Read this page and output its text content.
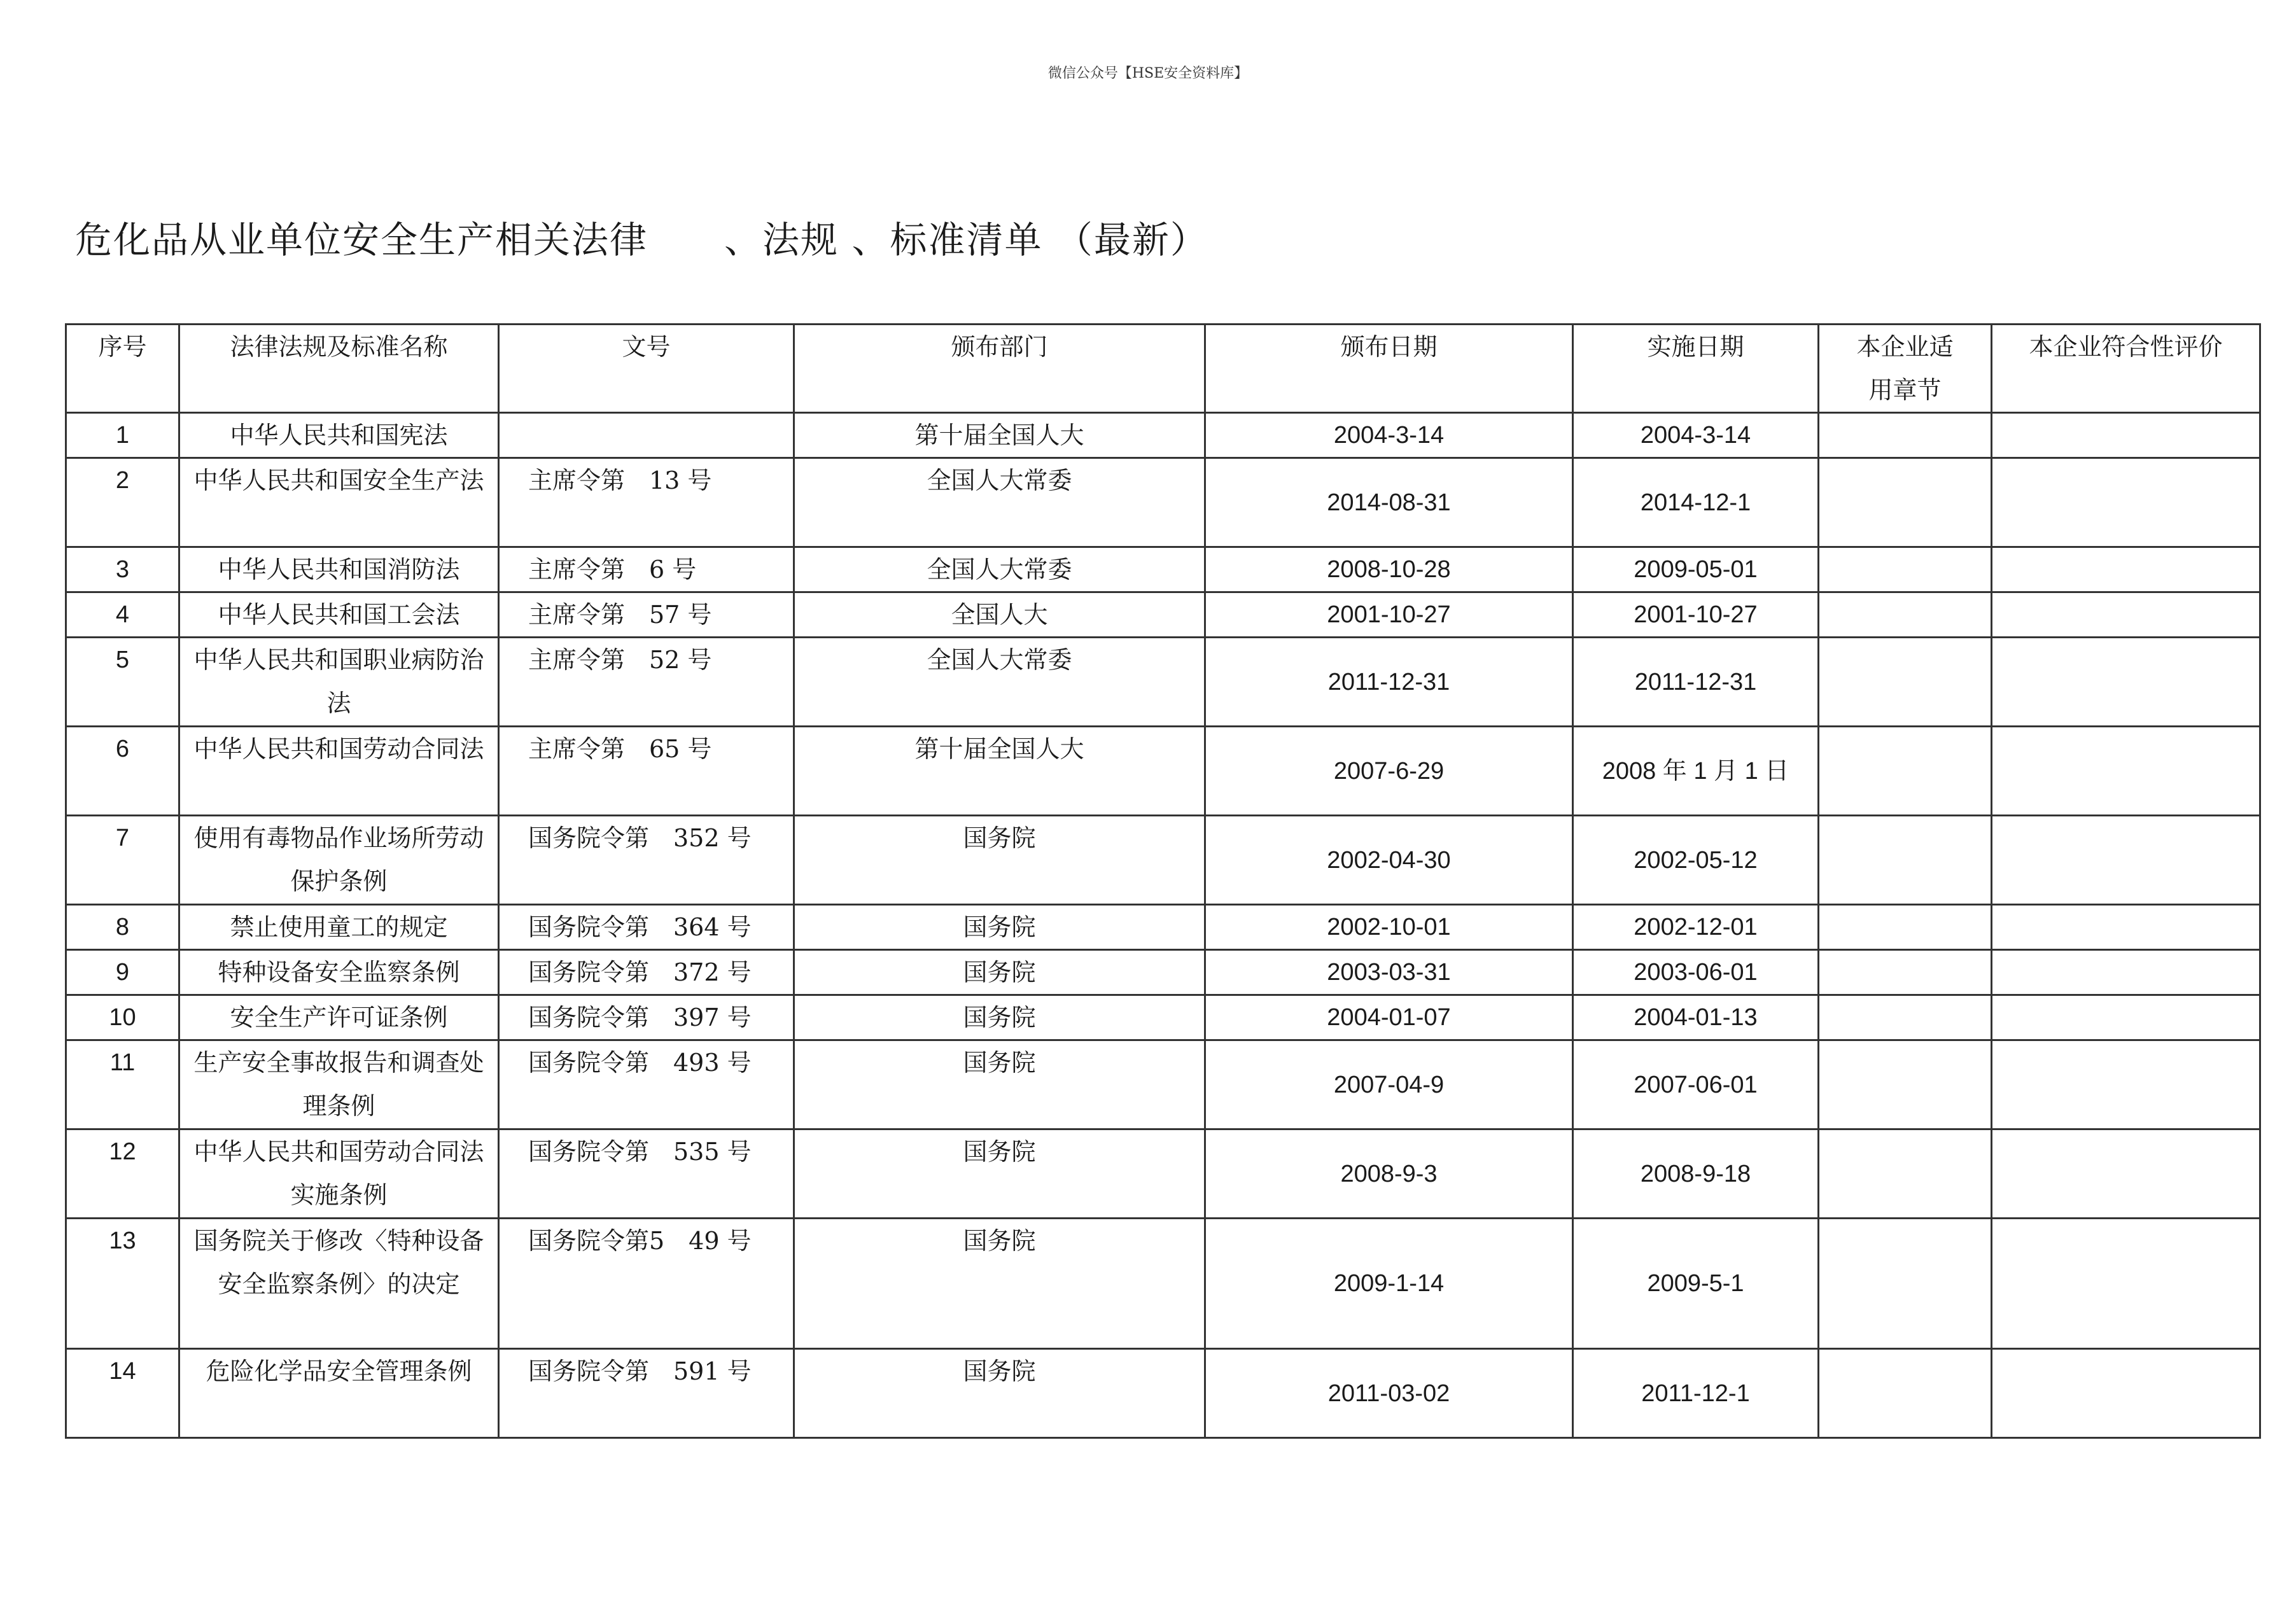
微信公众号【HSE安全资料库】
危化品从业单位安全生产相关法律　　、法规 、标准清单 （最新）
序号	法律法规及标准名称	文号	颁布部门	颁布日期	实施日期	本企业适用章节	本企业符合性评价
1	中华人民共和国宪法		第十届全国人大	2004-3-14	2004-3-14		
2	中华人民共和国安全生产法	主席令第　13 号	全国人大常委	2014-08-31	2014-12-1		
3	中华人民共和国消防法	主席令第　6 号	全国人大常委	2008-10-28	2009-05-01		
4	中华人民共和国工会法	主席令第　57 号	全国人大	2001-10-27	2001-10-27		
5	中华人民共和国职业病防治法	主席令第　52 号	全国人大常委	2011-12-31	2011-12-31		
6	中华人民共和国劳动合同法	主席令第　65 号	第十届全国人大	2007-6-29	2008 年 1 月 1 日		
7	使用有毒物品作业场所劳动保护条例	国务院令第　352 号	国务院	2002-04-30	2002-05-12		
8	禁止使用童工的规定	国务院令第　364 号	国务院	2002-10-01	2002-12-01		
9	特种设备安全监察条例	国务院令第　372 号	国务院	2003-03-31	2003-06-01		
10	安全生产许可证条例	国务院令第　397 号	国务院	2004-01-07	2004-01-13		
11	生产安全事故报告和调查处理条例	国务院令第　493 号	国务院	2007-04-9	2007-06-01		
12	中华人民共和国劳动合同法实施条例	国务院令第　535 号	国务院	2008-9-3	2008-9-18		
13	国务院关于修改〈特种设备安全监察条例〉的决定	国务院令第5　49 号	国务院	2009-1-14	2009-5-1		
14	危险化学品安全管理条例	国务院令第　591 号	国务院	2011-03-02	2011-12-1		
